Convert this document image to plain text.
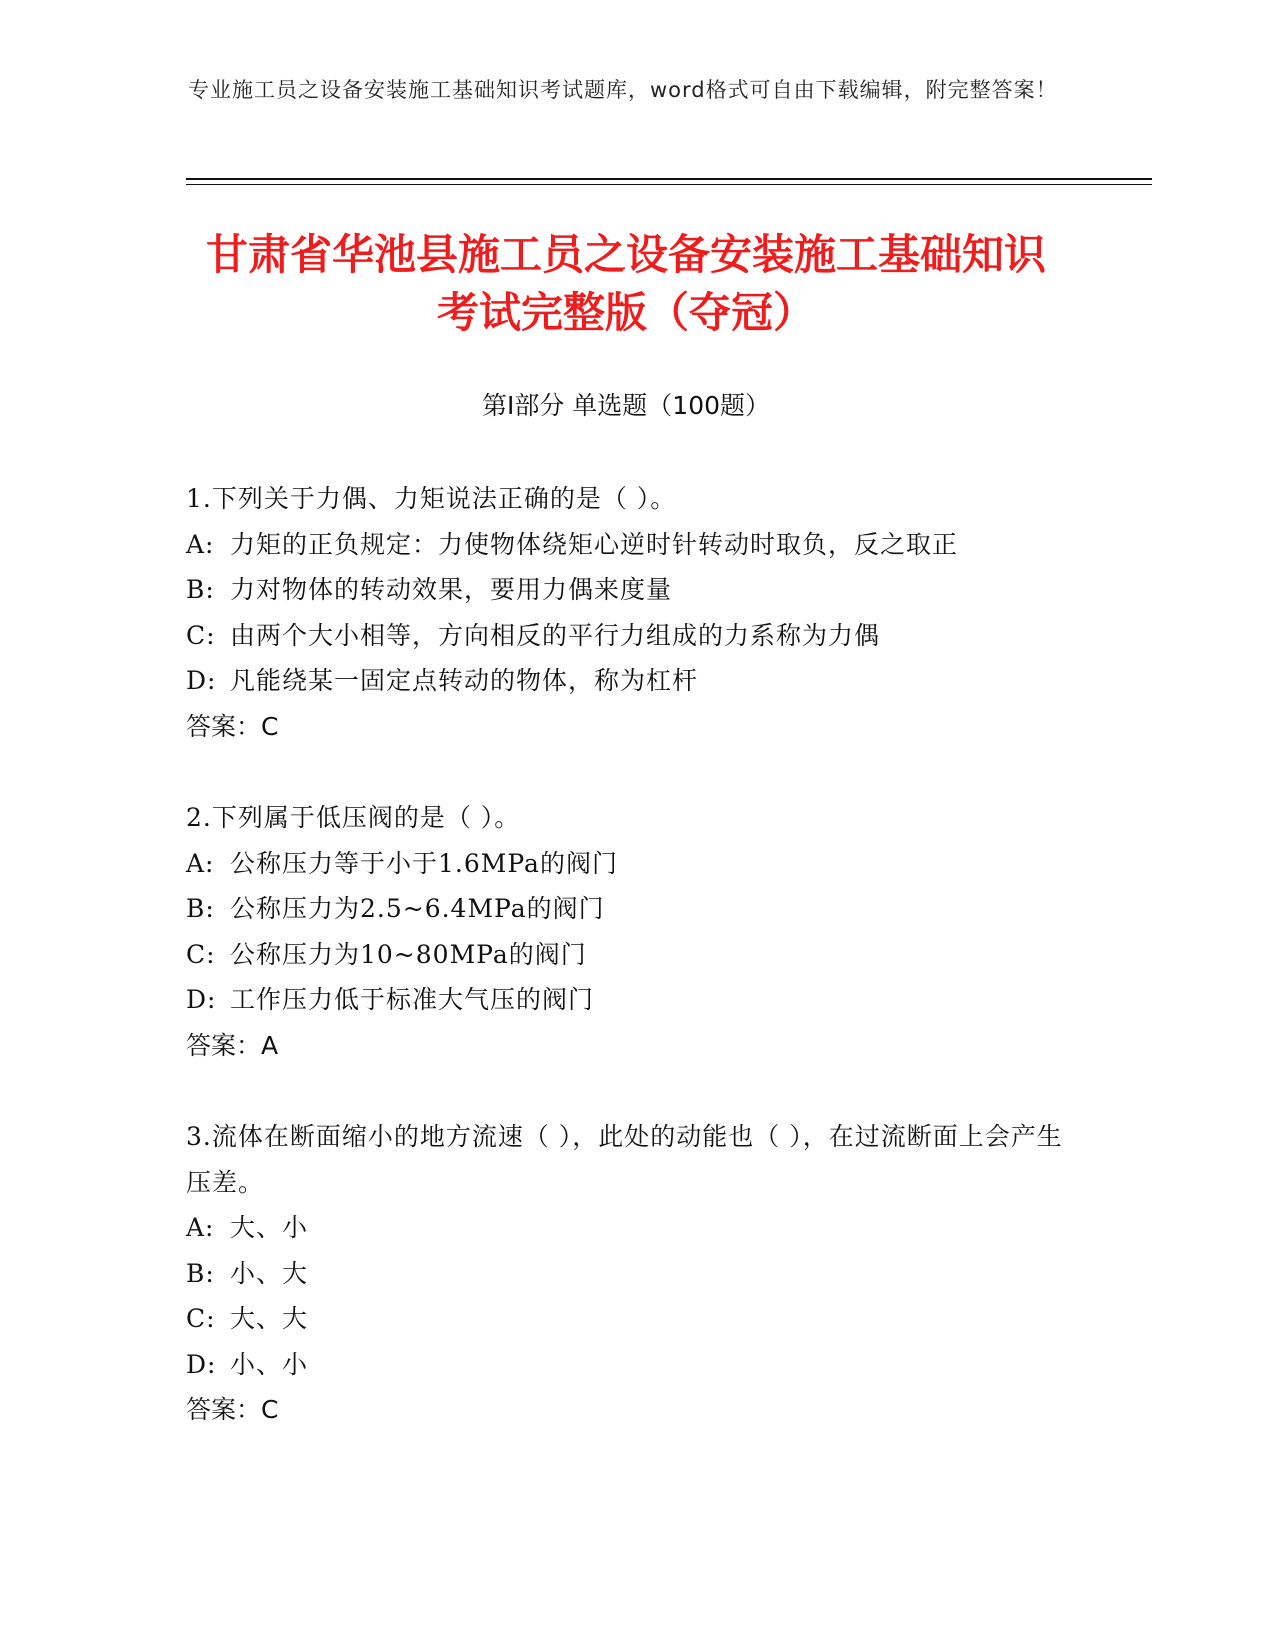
专业施工员之设备安装施工基础知识考试题库，word格式可自由下载编辑，附完整答案！
甘肃省华池县施工员之设备安装施工基础知识考试完整版（夺冠）
第Ⅰ部分 单选题（100题）
1.下列关于力偶、力矩说法正确的是（ ）。
A: 力矩的正负规定：力使物体绕矩心逆时针转动时取负，反之取正
B: 力对物体的转动效果，要用力偶来度量
C: 由两个大小相等，方向相反的平行力组成的力系称为力偶
D: 凡能绕某一固定点转动的物体，称为杠杆
答案：C
2.下列属于低压阀的是（ ）。
A: 公称压力等于小于1.6MPa的阀门
B: 公称压力为2.5~6.4MPa的阀门
C: 公称压力为10~80MPa的阀门
D: 工作压力低于标准大气压的阀门
答案：A
3.流体在断面缩小的地方流速（ ），此处的动能也（ ），在过流断面上会产生压差。
A: 大、小
B: 小、大
C: 大、大
D: 小、小
答案：C
